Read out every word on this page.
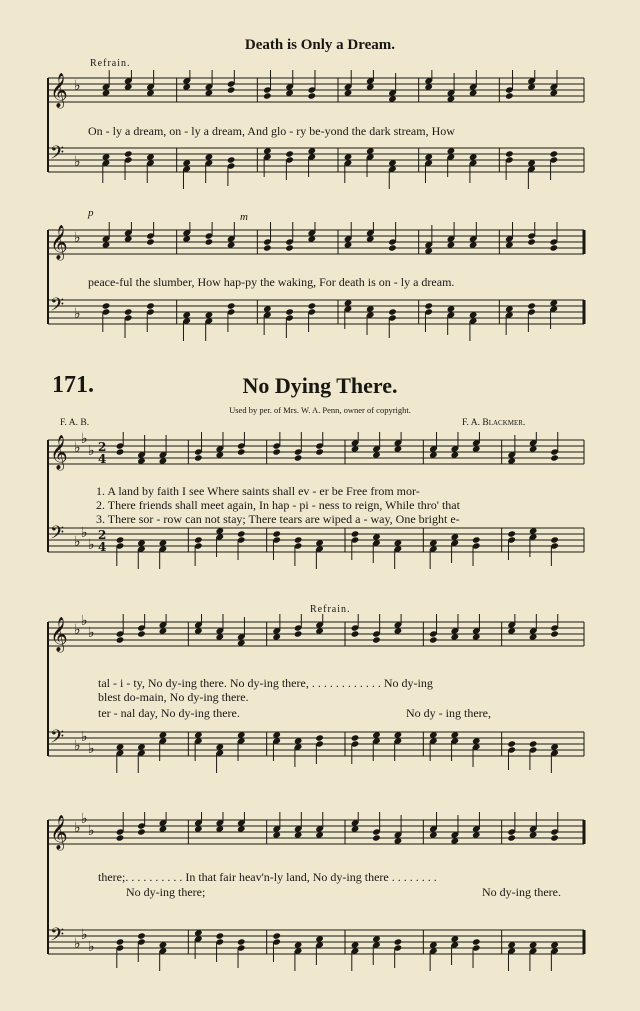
Death is Only a Dream.
Refrain.
𝄞 ♭
𝄢 ♭
On - ly a dream, on - ly a dream, And glo - ry be-yond the dark stream, How
p	m
𝄞 ♭
𝄢 ♭
peace-ful the slumber, How hap-py the waking, For death is on - ly a dream.
171.	No Dying There.
Used by per. of Mrs. W. A. Penn, owner of copyright.
F. A. B.	F. A. Blackmer.
𝄞 ♭
♭
♭ 2
4
𝄢 ♭
♭
♭
2
4
1. A land by faith I see Where saints shall ev - er be Free from mor-
2. There friends shall meet again, In hap - pi - ness to reign, While thro' that
3. There sor - row can not stay; There tears are wiped a - way, One bright e-
Refrain.
𝄞 ♭
♭
♭
𝄢 ♭
♭
♭
tal - i - ty, No dy-ing there. No dy-ing there, . . . . . . . . . . . . No dy-ing
blest do-main, No dy-ing there.
ter - nal day, No dy-ing there.	No dy - ing there,
𝄞 ♭
♭
♭
𝄢 ♭
♭
♭
there;. . . . . . . . . . In that fair heav'n-ly land, No dy-ing there . . . . . . . .
No dy-ing there;	No dy-ing there.
